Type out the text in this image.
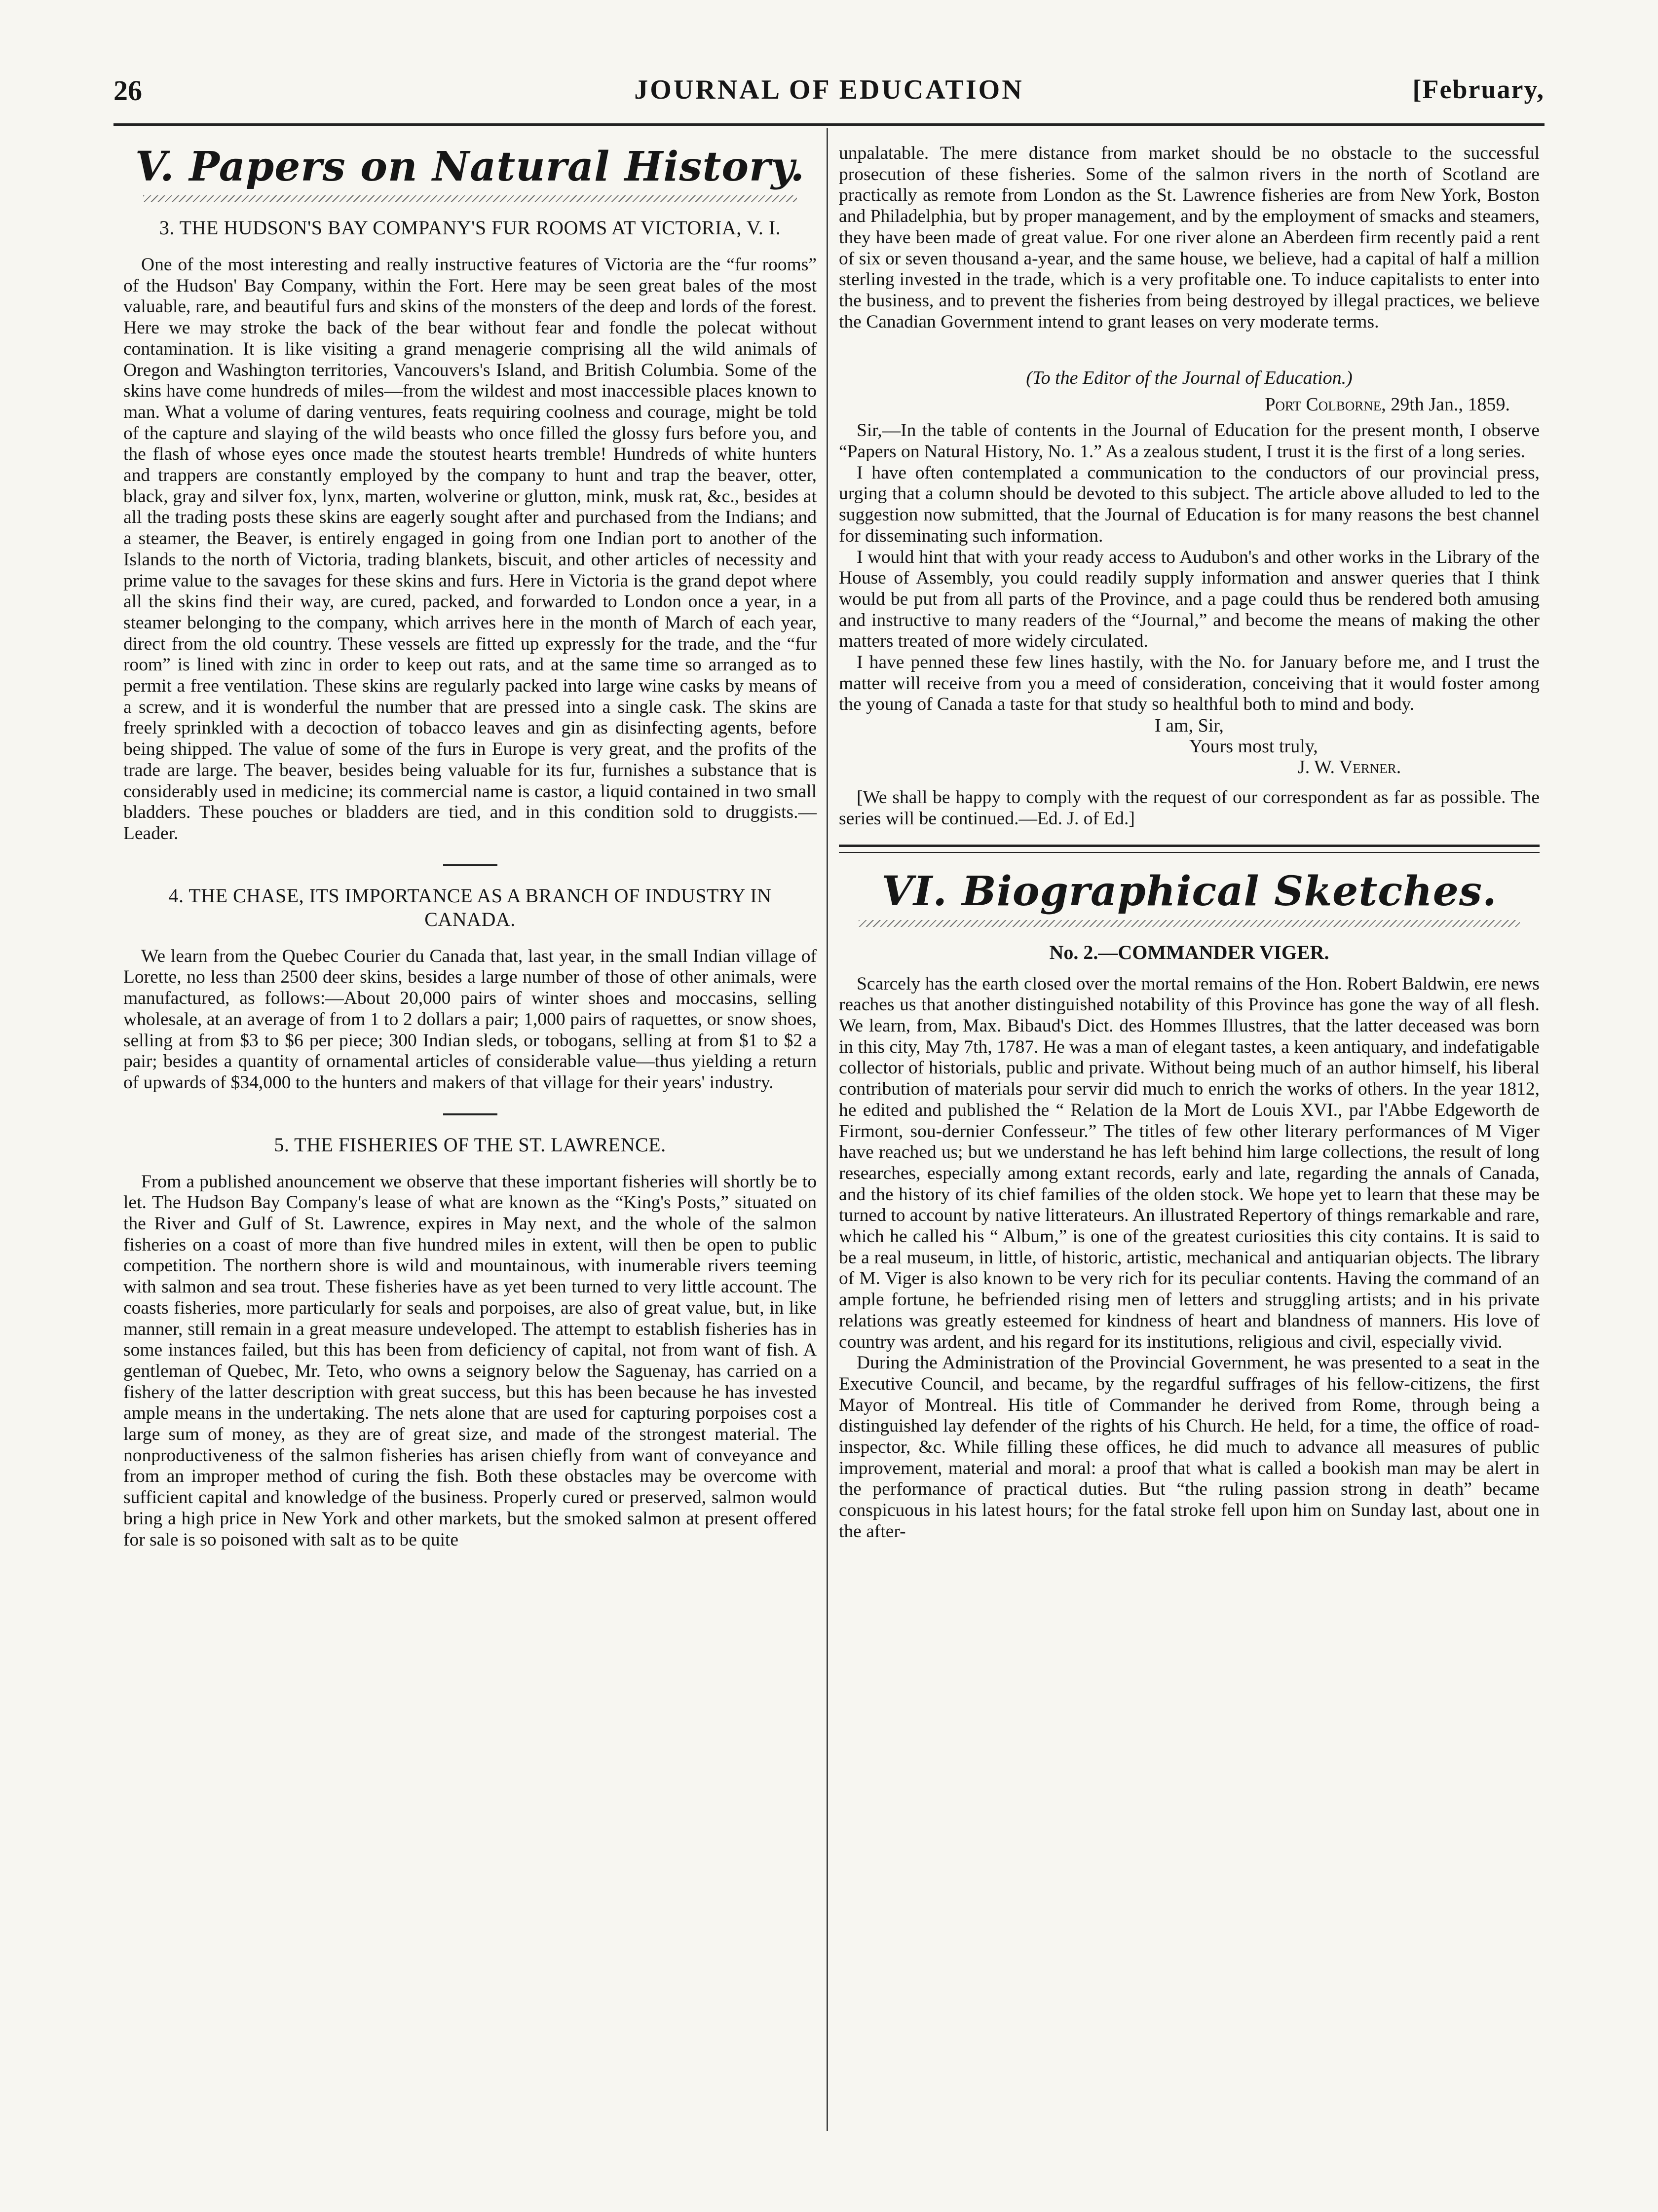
26	JOURNAL OF EDUCATION	[February,
V. Papers on Natural History.
3. THE HUDSON'S BAY COMPANY'S FUR ROOMS AT VICTORIA, V. I.

One of the most interesting and really instructive features of Victoria are the “fur rooms” of the Hudson' Bay Company, within the Fort. Here may be seen great bales of the most valuable, rare, and beautiful furs and skins of the monsters of the deep and lords of the forest. Here we may stroke the back of the bear without fear and fondle the polecat without contamination. It is like visiting a grand menagerie comprising all the wild animals of Oregon and Washington territories, Vancouvers's Island, and British Columbia. Some of the skins have come hundreds of miles—from the wildest and most inaccessible places known to man. What a volume of daring ventures, feats requiring coolness and courage, might be told of the capture and slaying of the wild beasts who once filled the glossy furs before you, and the flash of whose eyes once made the stoutest hearts tremble! Hundreds of white hunters and trappers are constantly employed by the company to hunt and trap the beaver, otter, black, gray and silver fox, lynx, marten, wolverine or glutton, mink, musk rat, &c., besides at all the trading posts these skins are eagerly sought after and purchased from the Indians; and a steamer, the Beaver, is entirely engaged in going from one Indian port to another of the Islands to the north of Victoria, trading blankets, biscuit, and other articles of necessity and prime value to the savages for these skins and furs. Here in Victoria is the grand depot where all the skins find their way, are cured, packed, and forwarded to London once a year, in a steamer belonging to the company, which arrives here in the month of March of each year, direct from the old country. These vessels are fitted up expressly for the trade, and the “fur room” is lined with zinc in order to keep out rats, and at the same time so arranged as to permit a free ventilation. These skins are regularly packed into large wine casks by means of a screw, and it is wonderful the number that are pressed into a single cask. The skins are freely sprinkled with a decoction of tobacco leaves and gin as disinfecting agents, before being shipped. The value of some of the furs in Europe is very great, and the profits of the trade are large. The beaver, besides being valuable for its fur, furnishes a substance that is considerably used in medicine; its commercial name is castor, a liquid contained in two small bladders. These pouches or bladders are tied, and in this condition sold to druggists.—Leader.

4. THE CHASE, ITS IMPORTANCE AS A BRANCH OF INDUSTRY IN CANADA.

We learn from the Quebec Courier du Canada that, last year, in the small Indian village of Lorette, no less than 2500 deer skins, besides a large number of those of other animals, were manufactured, as follows:—About 20,000 pairs of winter shoes and moccasins, selling wholesale, at an average of from 1 to 2 dollars a pair; 1,000 pairs of raquettes, or snow shoes, selling at from $3 to $6 per piece; 300 Indian sleds, or tobogans, selling at from $1 to $2 a pair; besides a quantity of ornamental articles of considerable value—thus yielding a return of upwards of $34,000 to the hunters and makers of that village for their years' industry.

5. THE FISHERIES OF THE ST. LAWRENCE.

From a published anouncement we observe that these important fisheries will shortly be to let. The Hudson Bay Company's lease of what are known as the “King's Posts,” situated on the River and Gulf of St. Lawrence, expires in May next, and the whole of the salmon fisheries on a coast of more than five hundred miles in extent, will then be open to public competition. The northern shore is wild and mountainous, with inumerable rivers teeming with salmon and sea trout. These fisheries have as yet been turned to very little account. The coasts fisheries, more particularly for seals and porpoises, are also of great value, but, in like manner, still remain in a great measure undeveloped. The attempt to establish fisheries has in some instances failed, but this has been from deficiency of capital, not from want of fish. A gentleman of Quebec, Mr. Teto, who owns a seignory below the Saguenay, has carried on a fishery of the latter description with great success, but this has been because he has invested ample means in the undertaking. The nets alone that are used for capturing porpoises cost a large sum of money, as they are of great size, and made of the strongest material. The nonproductiveness of the salmon fisheries has arisen chiefly from want of conveyance and from an improper method of curing the fish. Both these obstacles may be overcome with sufficient capital and knowledge of the business. Properly cured or preserved, salmon would bring a high price in New York and other markets, but the smoked salmon at present offered for sale is so poisoned with salt as to be quite

unpalatable. The mere distance from market should be no obstacle to the successful prosecution of these fisheries. Some of the salmon rivers in the north of Scotland are practically as remote from London as the St. Lawrence fisheries are from New York, Boston and Philadelphia, but by proper management, and by the employment of smacks and steamers, they have been made of great value. For one river alone an Aberdeen firm recently paid a rent of six or seven thousand a-year, and the same house, we believe, had a capital of half a million sterling invested in the trade, which is a very profitable one. To induce capitalists to enter into the business, and to prevent the fisheries from being destroyed by illegal practices, we believe the Canadian Government intend to grant leases on very moderate terms.

(To the Editor of the Journal of Education.)
Port Colborne, 29th Jan., 1859.

Sir,—In the table of contents in the Journal of Education for the present month, I observe “Papers on Natural History, No. 1.” As a zealous student, I trust it is the first of a long series.

I have often contemplated a communication to the conductors of our provincial press, urging that a column should be devoted to this subject. The article above alluded to led to the suggestion now submitted, that the Journal of Education is for many reasons the best channel for disseminating such information.

I would hint that with your ready access to Audubon's and other works in the Library of the House of Assembly, you could readily supply information and answer queries that I think would be put from all parts of the Province, and a page could thus be rendered both amusing and instructive to many readers of the “Journal,” and become the means of making the other matters treated of more widely circulated.

I have penned these few lines hastily, with the No. for January before me, and I trust the matter will receive from you a meed of consideration, conceiving that it would foster among the young of Canada a taste for that study so healthful both to mind and body.

I am, Sir,

Yours most truly,

J. W. Verner.

[We shall be happy to comply with the request of our correspondent as far as possible. The series will be continued.—Ed. J. of Ed.]

VI. Biographical Sketches.
No. 2.—COMMANDER VIGER.

Scarcely has the earth closed over the mortal remains of the Hon. Robert Baldwin, ere news reaches us that another distinguished notability of this Province has gone the way of all flesh. We learn, from, Max. Bibaud's Dict. des Hommes Illustres, that the latter deceased was born in this city, May 7th, 1787. He was a man of elegant tastes, a keen antiquary, and indefatigable collector of historials, public and private. Without being much of an author himself, his liberal contribution of materials pour servir did much to enrich the works of others. In the year 1812, he edited and published the “ Relation de la Mort de Louis XVI., par l'Abbe Edgeworth de Firmont, sou-dernier Confesseur.” The titles of few other literary performances of M Viger have reached us; but we understand he has left behind him large collections, the result of long researches, especially among extant records, early and late, regarding the annals of Canada, and the history of its chief families of the olden stock. We hope yet to learn that these may be turned to account by native litterateurs. An illustrated Repertory of things remarkable and rare, which he called his “ Album,” is one of the greatest curiosities this city contains. It is said to be a real museum, in little, of historic, artistic, mechanical and antiquarian objects. The library of M. Viger is also known to be very rich for its peculiar contents. Having the command of an ample fortune, he befriended rising men of letters and struggling artists; and in his private relations was greatly esteemed for kindness of heart and blandness of manners. His love of country was ardent, and his regard for its institutions, religious and civil, especially vivid.

During the Administration of the Provincial Government, he was presented to a seat in the Executive Council, and became, by the regardful suffrages of his fellow-citizens, the first Mayor of Montreal. His title of Commander he derived from Rome, through being a distinguished lay defender of the rights of his Church. He held, for a time, the office of road-inspector, &c. While filling these offices, he did much to advance all measures of public improvement, material and moral: a proof that what is called a bookish man may be alert in the performance of practical duties. But “the ruling passion strong in death” became conspicuous in his latest hours; for the fatal stroke fell upon him on Sunday last, about one in the after-
